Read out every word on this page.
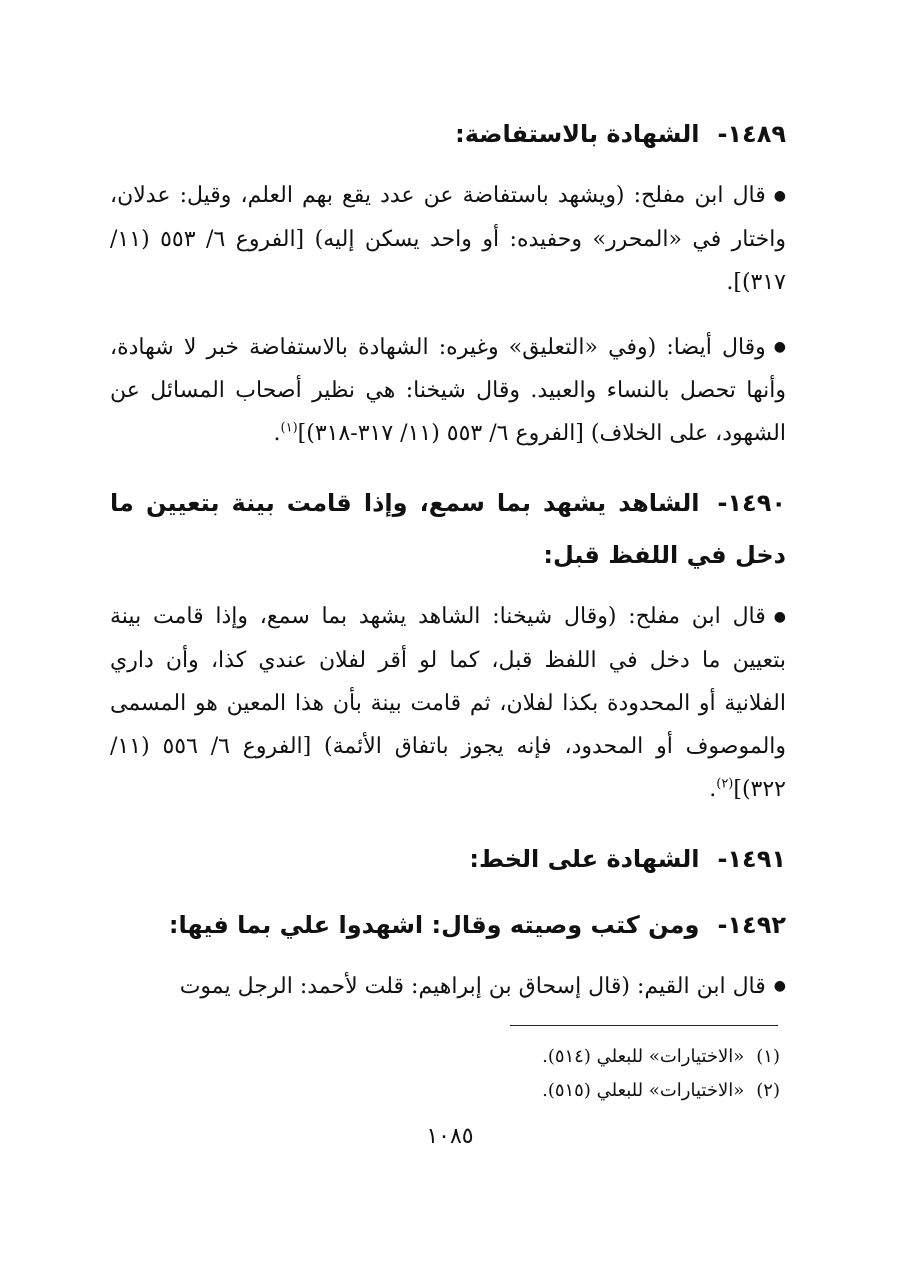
١٤٨٩-الشهادة بالاستفاضة:

●قال ابن مفلح: (ويشهد باستفاضة عن عدد يقع بهم العلم، وقيل: عدلان، واختار في «المحرر» وحفيده: أو واحد يسكن إليه) [الفروع ٦/ ٥٥٣ (١١/ ٣١٧)].

●وقال أيضا: (وفي «التعليق» وغيره: الشهادة بالاستفاضة خبر لا شهادة، وأنها تحصل بالنساء والعبيد. وقال شيخنا: هي نظير أصحاب المسائل عن الشهود، على الخلاف) [الفروع ٦/ ٥٥٣ (١١/ ٣١٧-٣١٨)]$^{(١)}$.

١٤٩٠-الشاهد يشهد بما سمع، وإذا قامت بينة بتعيين ما دخل في اللفظ قبل:

●قال ابن مفلح: (وقال شيخنا: الشاهد يشهد بما سمع، وإذا قامت بينة بتعيين ما دخل في اللفظ قبل، كما لو أقر لفلان عندي كذا، وأن داري الفلانية أو المحدودة بكذا لفلان، ثم قامت بينة بأن هذا المعين هو المسمى والموصوف أو المحدود، فإنه يجوز باتفاق الأئمة) [الفروع ٦/ ٥٥٦ (١١/ ٣٢٢)]$^{(٢)}$.

١٤٩١-الشهادة على الخط:
١٤٩٢-ومن كتب وصيته وقال: اشهدوا علي بما فيها:

●قال ابن القيم: (قال إسحاق بن إبراهيم: قلت لأحمد: الرجل يموت

(١)«الاختيارات» للبعلي (٥١٤).
(٢)«الاختيارات» للبعلي (٥١٥).
١٠٨٥
